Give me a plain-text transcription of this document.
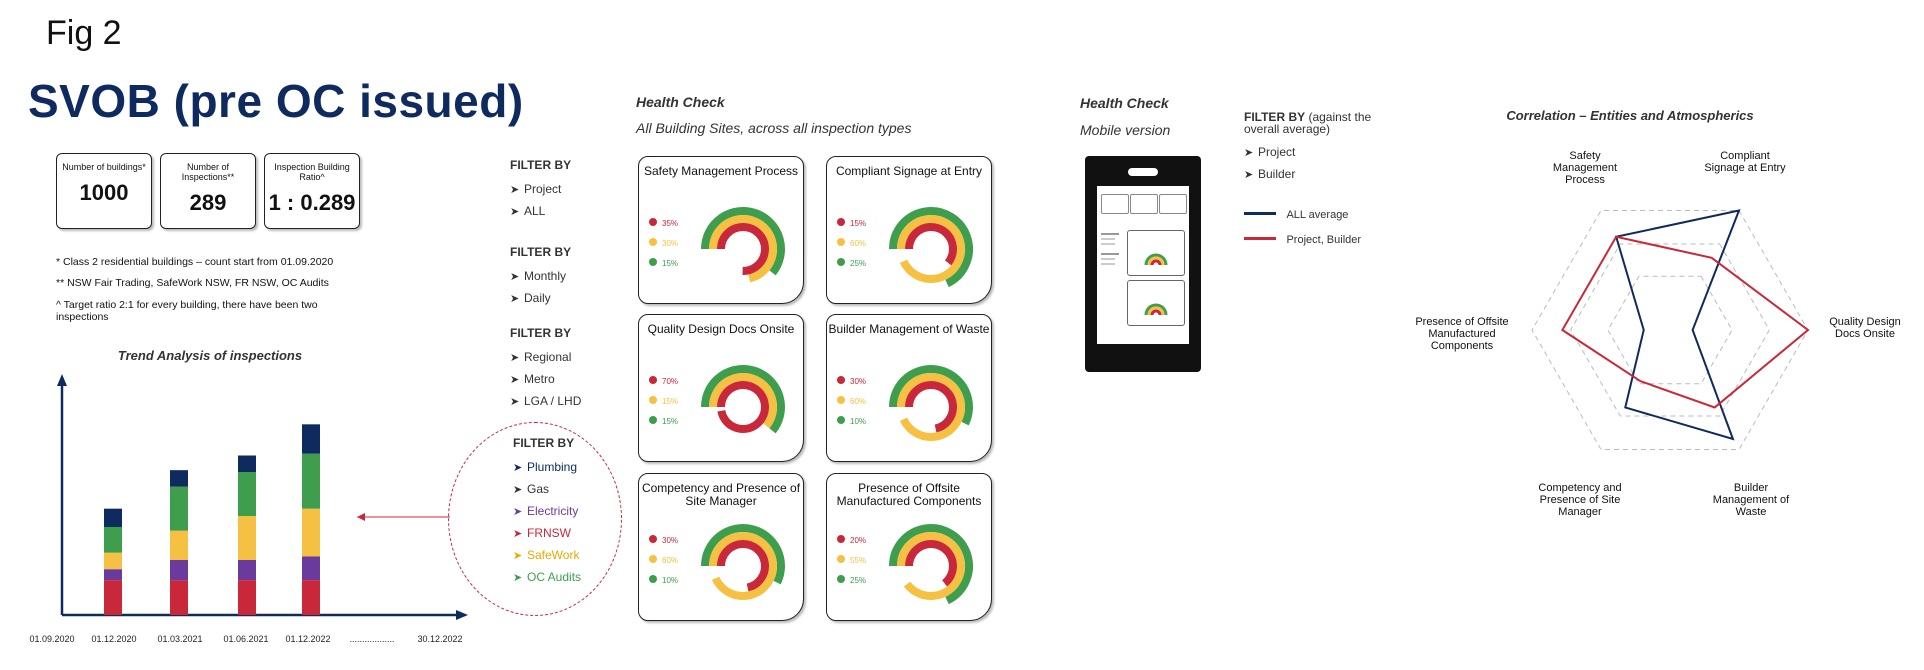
Fig 2
SVOB (pre OC issued)
Number of buildings*
1000
Number of Inspections**
289
Inspection Building Ratio^
1 : 0.289
* Class 2 residential buildings – count start from 01.09.2020
** NSW Fair Trading, SafeWork NSW, FR NSW, OC Audits
^ Target ratio 2:1 for every building, there have been two inspections
Trend Analysis of inspections
01.09.2020 01.12.2020 01.03.2021 01.06.2021 01.12.2022 ..................	30.12.2022
FILTER BY
➤ Project
➤ ALL
FILTER BY
➤ Monthly
➤ Daily
FILTER BY
➤ Regional
➤ Metro
➤ LGA / LHD
FILTER BY
➤ Plumbing
➤ Gas
➤ Electricity
➤ FRNSW
➤ SafeWork
➤ OC Audits
Health Check
All Building Sites, across all inspection types
Safety Management Process
35%
30%
15%
Compliant Signage at Entry
15%
60%
25%
Quality Design Docs Onsite
70%
15%
15%
Builder Management of Waste
30%
60%
10%
Competency and Presence of Site Manager
30%
60%
10%
Presence of Offsite Manufactured Components
20%
55%
25%
Health Check
Mobile version
FILTER BY (against the overall average)
➤ Project
➤ Builder
ALL average
Project, Builder
Correlation – Entities and Atmospherics
Compliant Signage at Entry
Quality Design Docs Onsite
Builder Management of Waste
Competency and Presence of Site Manager
Presence of Offsite Manufactured Components
Safety Management Process
